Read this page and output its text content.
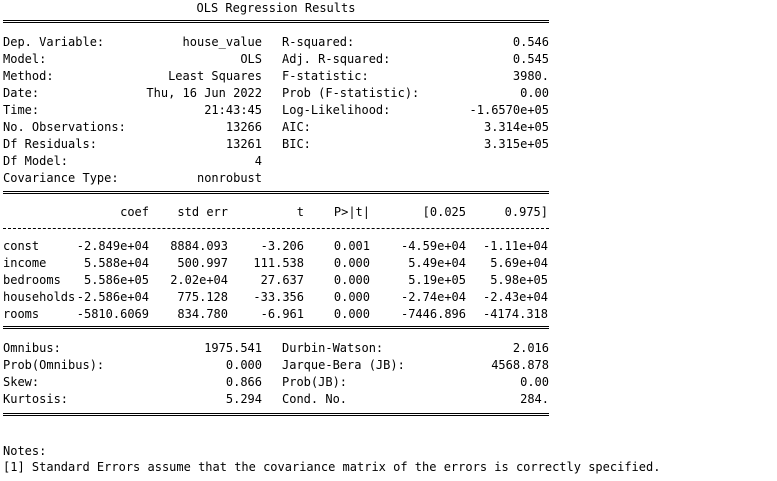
OLS Regression Results
Dep. Variable:	house_value R-squared:	0.546
Model:	OLS Adj. R-squared:	0.545
Method:	Least Squares F-statistic:	3980.
Date:	Thu, 16 Jun 2022 Prob (F-statistic):	0.00
Time:	21:43:45 Log-Likelihood:	-1.6570e+05
No. Observations:	13266 AIC:	3.314e+05
Df Residuals:	13261 BIC:	3.315e+05
Df Model:	4
Covariance Type:	nonrobust
coef std err	t P>|t|	[0.025	0.975]
const	-2.849e+04 8884.093	-3.206 0.001	-4.59e+04 -1.11e+04
income	5.588e+04 500.997 111.538 0.000	5.49e+04 5.69e+04
bedrooms 5.586e+05 2.02e+04	27.637 0.000	5.19e+05 5.98e+05
households -2.586e+04 775.128 -33.356 0.000	-2.74e+04 -2.43e+04
rooms	-5810.6069 834.780	-6.961 0.000	-7446.896 -4174.318
Omnibus:	1975.541 Durbin-Watson:	2.016
Prob(Omnibus):	0.000 Jarque-Bera (JB):	4568.878
Skew:	0.866 Prob(JB):	0.00
Kurtosis:	5.294 Cond. No.	284.
Notes:
[1] Standard Errors assume that the covariance matrix of the errors is correctly specified.
